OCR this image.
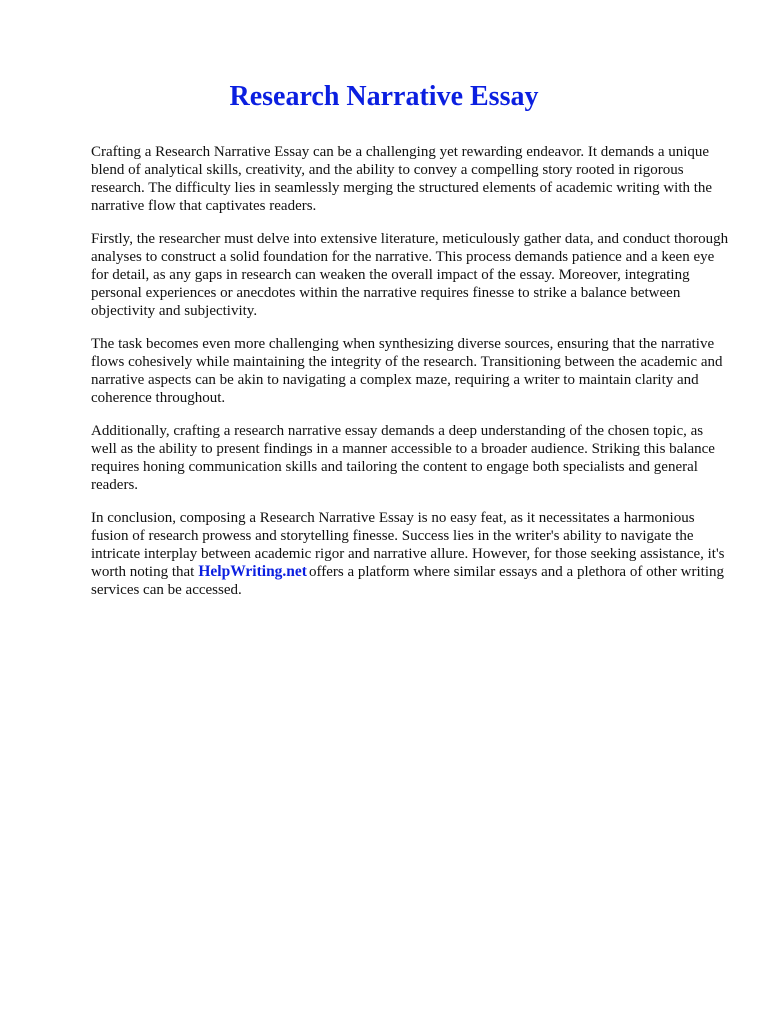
Research Narrative Essay

Crafting a Research Narrative Essay can be a challenging yet rewarding endeavor. It demands a unique blend of analytical skills, creativity, and the ability to convey a compelling story rooted in rigorous research. The difficulty lies in seamlessly merging the structured elements of academic writing with the narrative flow that captivates readers.

Firstly, the researcher must delve into extensive literature, meticulously gather data, and conduct thorough analyses to construct a solid foundation for the narrative. This process demands patience and a keen eye for detail, as any gaps in research can weaken the overall impact of the essay. Moreover, integrating personal experiences or anecdotes within the narrative requires finesse to strike a balance between objectivity and subjectivity.

The task becomes even more challenging when synthesizing diverse sources, ensuring that the narrative flows cohesively while maintaining the integrity of the research. Transitioning between the academic and narrative aspects can be akin to navigating a complex maze, requiring a writer to maintain clarity and coherence throughout.

Additionally, crafting a research narrative essay demands a deep understanding of the chosen topic, as well as the ability to present findings in a manner accessible to a broader audience. Striking this balance requires honing communication skills and tailoring the content to engage both specialists and general readers.

In conclusion, composing a Research Narrative Essay is no easy feat, as it necessitates a harmonious fusion of research prowess and storytelling finesse. Success lies in the writer's ability to navigate the intricate interplay between academic rigor and narrative allure. However, for those seeking assistance, it's worth noting that HelpWriting.net offers a platform where similar essays and a plethora of other writing services can be accessed.
